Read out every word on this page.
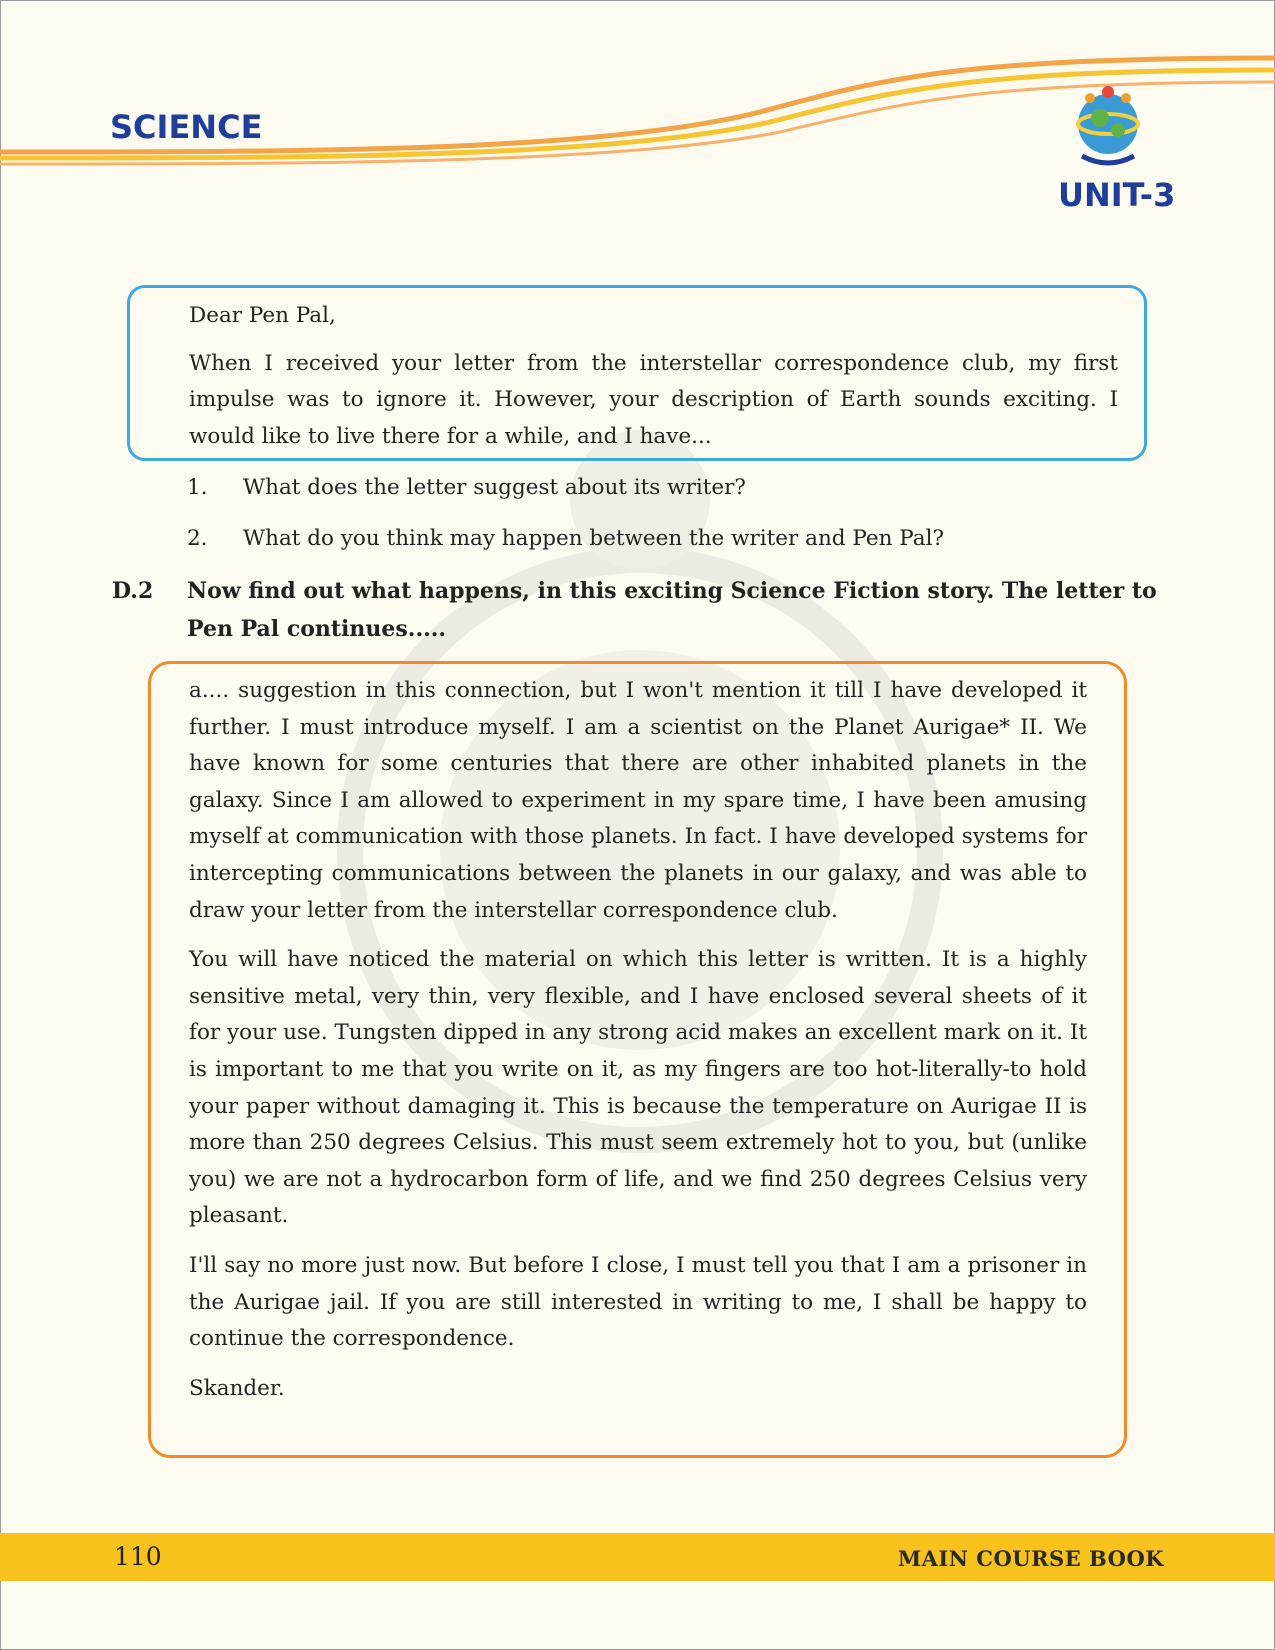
SCIENCE
UNIT-3

Dear Pen Pal,

When I received your letter from the interstellar correspondence club, my first impulse was to ignore it. However, your description of Earth sounds exciting. I would like to live there for a while, and I have...

1.	What does the letter suggest about its writer?
2.	What do you think may happen between the writer and Pen Pal?
D.2	Now find out what happens, in this exciting Science Fiction story. The letter to Pen Pal continues.....

a.... suggestion in this connection, but I won't mention it till I have developed it further. I must introduce myself. I am a scientist on the Planet Aurigae* II. We have known for some centuries that there are other inhabited planets in the galaxy. Since I am allowed to experiment in my spare time, I have been amusing myself at communication with those planets. In fact. I have developed systems for intercepting communications between the planets in our galaxy, and was able to draw your letter from the interstellar correspondence club.

You will have noticed the material on which this letter is written. It is a highly sensitive metal, very thin, very flexible, and I have enclosed several sheets of it for your use. Tungsten dipped in any strong acid makes an excellent mark on it. It is important to me that you write on it, as my fingers are too hot-literally-to hold your paper without damaging it. This is because the temperature on Aurigae II is more than 250 degrees Celsius. This must seem extremely hot to you, but (unlike you) we are not a hydrocarbon form of life, and we find 250 degrees Celsius very pleasant.

I'll say no more just now. But before I close, I must tell you that I am a prisoner in the Aurigae jail. If you are still interested in writing to me, I shall be happy to continue the correspondence.

Skander.

110	MAIN COURSE BOOK
